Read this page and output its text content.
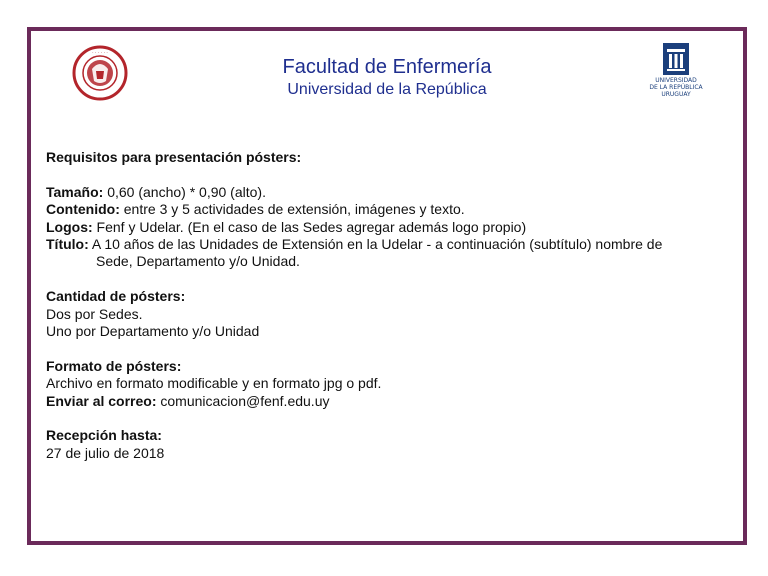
· · · · · ·
Facultad de Enfermería
Universidad de la República
UNIVERSIDAD
DE LA REPÚBLICA
URUGUAY

Requisitos para presentación pósters:

Tamaño: 0,60 (ancho) * 0,90 (alto).

Contenido: entre 3 y 5 actividades de extensión, imágenes y texto.

Logos: Fenf y Udelar. (En el caso de las Sedes agregar además logo propio)

Título: A 10 años de las Unidades de Extensión en la Udelar - a continuación (subtítulo) nombre de

Sede, Departamento y/o Unidad.

Cantidad de pósters:

Dos por Sedes.

Uno por Departamento y/o Unidad

Formato de pósters:

Archivo en formato modificable y en formato jpg o pdf.

Enviar al correo: comunicacion@fenf.edu.uy

Recepción hasta:

27 de julio de 2018
